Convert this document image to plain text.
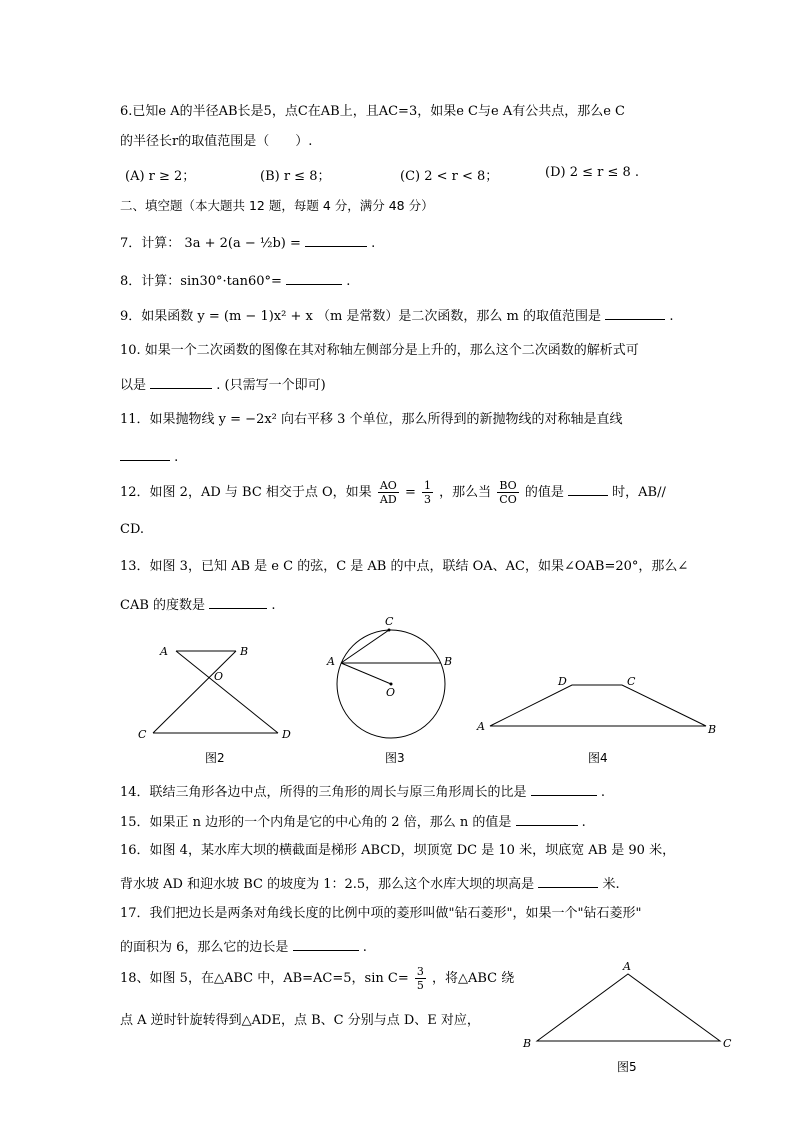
6.已知e A的半径AB长是5，点C在AB上，且AC=3，如果e C与e A有公共点，那么e C
的半径长r的取值范围是（　　）.
(A) r ≥ 2；	(B) r ≤ 8；	(C) 2 < r < 8；	(D) 2 ≤ r ≤ 8 .
二、填空题（本大题共 12 题，每题 4 分，满分 48 分）
7．计算： 3a + 2(a − ½b) =	.
8．计算：sin30°·tan60°=	.
9．如果函数 y = (m − 1)x² + x （m 是常数）是二次函数，那么 m 的取值范围是	.
10. 如果一个二次函数的图像在其对称轴左侧部分是上升的，那么这个二次函数的解析式可
以是	. (只需写一个即可)
11．如果抛物线 y = −2x² 向右平移 3 个单位，那么所得到的新抛物线的对称轴是直线
.
12．如图 2，AD 与 BC 相交于点 O，如果 $\frac{AO}{AD} = \frac{1}{3}$ ，那么当 $\frac{BO}{CO}$ 的值是	时，AB//
CD.
13．如图 3，已知 AB 是 e C 的弦，C 是 AB 的中点，联结 OA、AC，如果∠OAB=20°，那么∠
CAB 的度数是	.
A	B
O
C	D
C
A	B
O
D	C
A	B
A
B	C
图2	图3	图4
图5
14．联结三角形各边中点，所得的三角形的周长与原三角形周长的比是	.
15．如果正 n 边形的一个内角是它的中心角的 2 倍，那么 n 的值是	.
16．如图 4，某水库大坝的横截面是梯形 ABCD，坝顶宽 DC 是 10 米，坝底宽 AB 是 90 米，
背水坡 AD 和迎水坡 BC 的坡度为 1：2.5，那么这个水库大坝的坝高是	米.
17．我们把边长是两条对角线长度的比例中项的菱形叫做"钻石菱形"，如果一个"钻石菱形"
的面积为 6，那么它的边长是	.
18、如图 5，在△ABC 中，AB=AC=5，$\sin C= \frac{3}{5}$ ，将△ABC 绕
点 A 逆时针旋转得到△ADE，点 B、C 分别与点 D、E 对应，
